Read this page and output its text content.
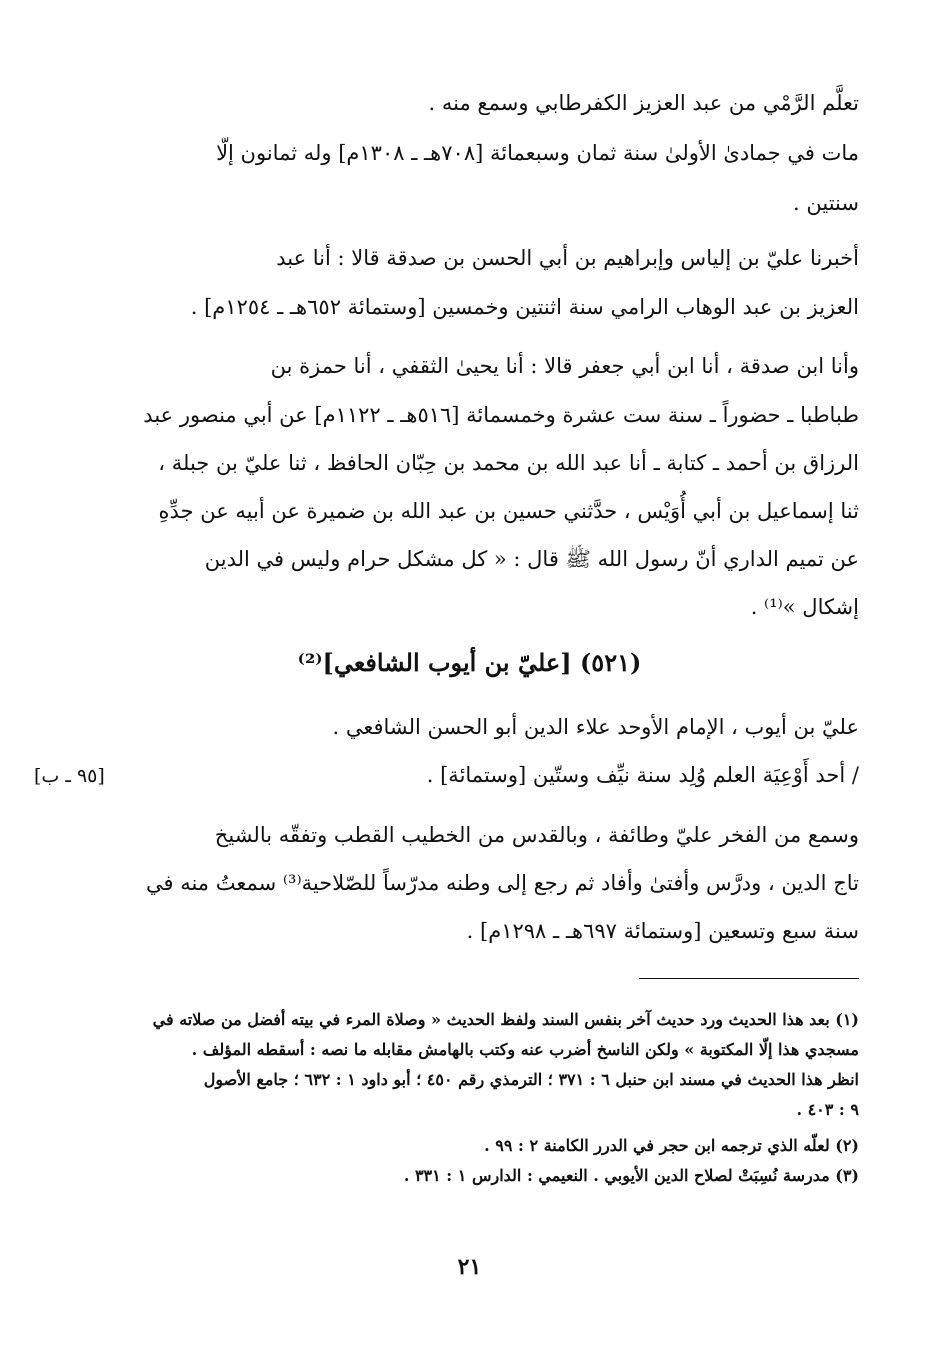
تعلَّم الرَّمْي من عبد العزيز الكفرطابي وسمع منه .
مات في جمادىٰ الأولىٰ سنة ثمان وسبعمائة [٧٠٨هـ ـ ١٣٠٨م] وله ثمانون إلّا
سنتين .
أخبرنا عليّ بن إلياس وإبراهيم بن أبي الحسن بن صدقة قالا : أنا عبد
العزيز بن عبد الوهاب الرامي سنة اثنتين وخمسين [وستمائة ٦٥٢هـ ـ ١٢٥٤م] .
وأنا ابن صدقة ، أنا ابن أبي جعفر قالا : أنا يحيىٰ الثقفي ، أنا حمزة بن
طباطبا ـ حضوراً ـ سنة ست عشرة وخمسمائة [٥١٦هـ ـ ١١٢٢م] عن أبي منصور عبد
الرزاق بن أحمد ـ كتابة ـ أنا عبد الله بن محمد بن حِبّان الحافظ ، ثنا عليّ بن جبلة ،
ثنا إسماعيل بن أبي أُوَيْس ، حدَّثني حسين بن عبد الله بن ضميرة عن أبيه عن جدِّهِ
عن تميم الداري أنّ رسول الله ﷺ قال : « كل مشكل حرام وليس في الدين
إشكال »⁽¹⁾ .
(٥٢١) [عليّ بن أيوب الشافعي]⁽²⁾
عليّ بن أيوب ، الإمام الأوحد علاء الدين أبو الحسن الشافعي .
/ أحد أَوْعِيَة العلم وُلِد سنة نيِّف وستّين [وستمائة] .
وسمع من الفخر عليّ وطائفة ، وبالقدس من الخطيب القطب وتفقّه بالشيخ
تاج الدين ، ودرَّس وأفتىٰ وأفاد ثم رجع إلى وطنه مدرّساً للصّلاحية⁽³⁾ سمعتُ منه في
سنة سبع وتسعين [وستمائة ٦٩٧هـ ـ ١٢٩٨م] .
[٩٥ ـ ب]
(١) بعد هذا الحديث ورد حديث آخر بنفس السند ولفظ الحديث « وصلاة المرء في بيته أفضل من صلاته في
مسجدي هذا إلّا المكتوبة » ولكن الناسخ أضرب عنه وكتب بالهامش مقابله ما نصه : أسقطه المؤلف .
انظر هذا الحديث في مسند ابن حنبل ٦ : ٣٧١ ؛ الترمذي رقم ٤٥٠ ؛ أبو داود ١ : ٦٣٢ ؛ جامع الأصول
٩ : ٤٠٣ .
(٢) لعلّه الذي ترجمه ابن حجر في الدرر الكامنة ٢ : ٩٩ .
(٣) مدرسة نُسِبَتْ لصلاح الدين الأيوبي . النعيمي : الدارس ١ : ٣٣١ .
٢١
